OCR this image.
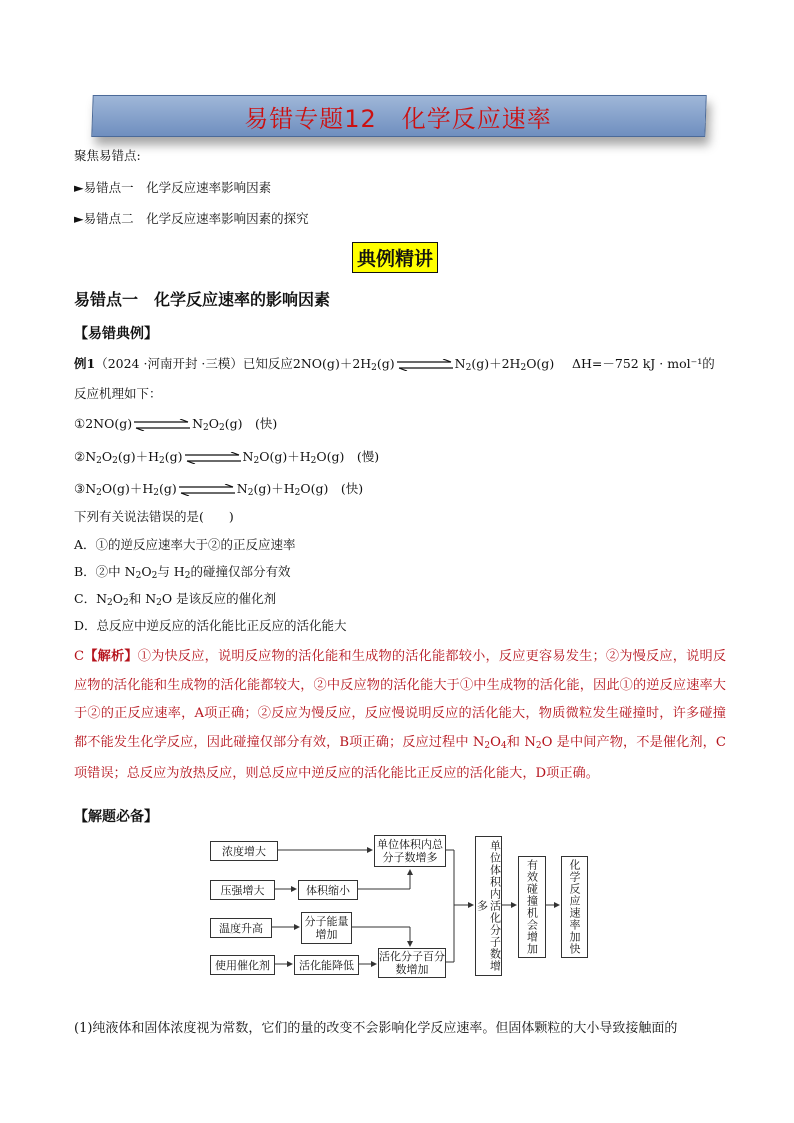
易错专题12　化学反应速率
聚焦易错点:
►易错点一　化学反应速率影响因素
►易错点二　化学反应速率影响因素的探究
典例精讲
易错点一　化学反应速率的影响因素
【易错典例】
例1（2024 ·河南开封 ·三模）已知反应$2NO(g)+2H_2(g)$	$N_2(g)+2H_2O(g)$ ΔH=－752 kJ · mol⁻¹的
反应机理如下：
①2NO(g)	$N_2O_2(g)$　 (快)
$②N_2O_2(g)+H_2(g)$	$N_2O(g)+H_2O(g)$　 (慢)
$③N_2O(g)+H_2(g)$	$N_2(g)+H_2O(g)$　 (快)
下列有关说法错误的是(　　)
A．①的逆反应速率大于②的正反应速率
B．②中 $N_2O_2$与 $H_2$的碰撞仅部分有效
C．$N_2O_2$和 $N_2O$ 是该反应的催化剂
D．总反应中逆反应的活化能比正反应的活化能大
C【解析】①为快反应，说明反应物的活化能和生成物的活化能都较小，反应更容易发生；②为慢反应，说明反应物的活化能和生成物的活化能都较大，②中反应物的活化能大于①中生成物的活化能，因此①的逆反应速率大于②的正反应速率，A项正确；②反应为慢反应，反应慢说明反应的活化能大，物质微粒发生碰撞时，许多碰撞都不能发生化学反应，因此碰撞仅部分有效，B项正确；反应过程中 $N_2O_4$和 $N_2O$ 是中间产物，不是催化剂，C项错误；总反应为放热反应，则总反应中逆反应的活化能比正反应的活化能大，D项正确。
【解题必备】
浓度增大
压强增大
温度升高
使用催化剂
单位体积内总分子数增多
体积缩小
分子能量增加
活化能降低
活化分子百分数增加	单位体积内活化分子数增多	有效碰撞机会增加	化学反应速率加快
(1)纯液体和固体浓度视为常数，它们的量的改变不会影响化学反应速率。但固体颗粒的大小导致接触面的
